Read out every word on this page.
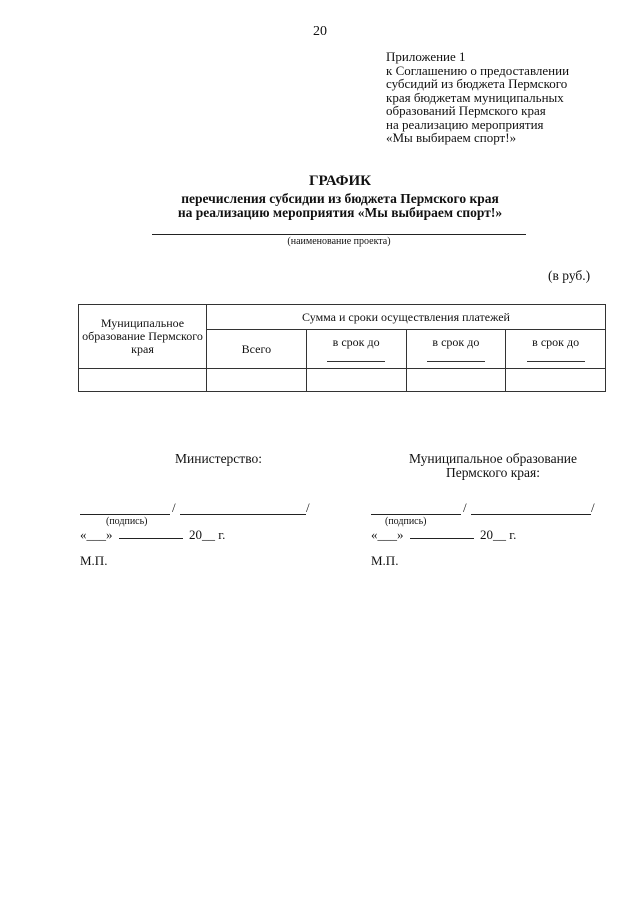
20
Приложение 1
к Соглашению о предоставлении
субсидий из бюджета Пермского
края бюджетам муниципальных
образований Пермского края
на реализацию мероприятия
«Мы выбираем спорт!»
ГРАФИК
перечисления субсидии из бюджета Пермского края
на реализацию мероприятия «Мы выбираем спорт!»
(наименование проекта)
(в руб.)
Муниципальное образование Пермского края	Сумма и сроки осуществления платежей			
	Всего	в срок до	в срок до	в срок до

Министерство:
/	/
(подпись)
«___»	20__ г.
М.П.
Муниципальное образование Пермского края:
/	/
(подпись)
«___»	20__ г.
М.П.
